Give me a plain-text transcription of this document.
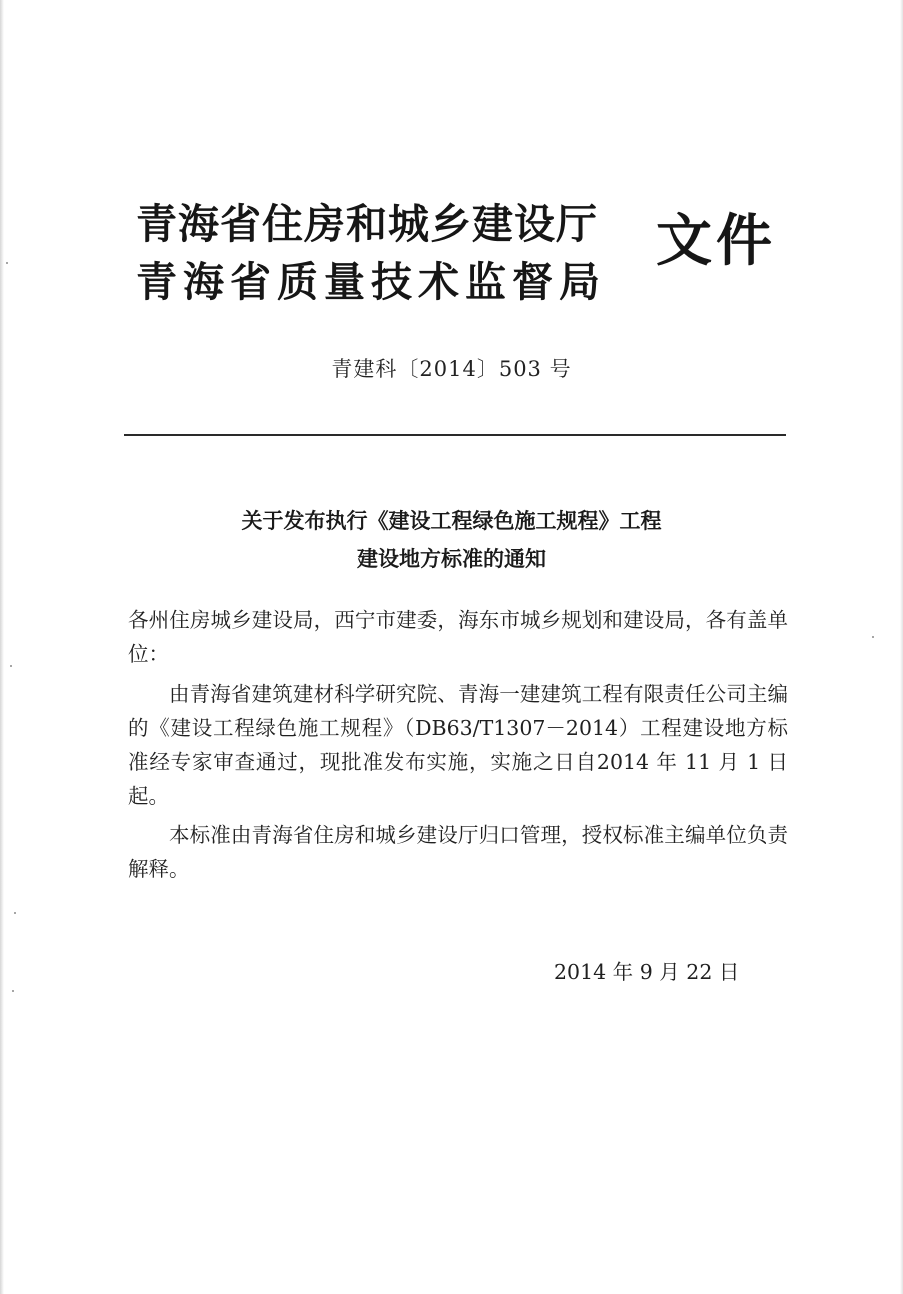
青海省住房和城乡建设厅
青海省质量技术监督局
文件
青建科〔2014〕503 号
关于发布执行《建设工程绿色施工规程》工程
建设地方标准的通知
各州住房城乡建设局，西宁市建委，海东市城乡规划和建设局，各有盖单位：
由青海省建筑建材科学研究院、青海一建建筑工程有限责任公司主编的《建设工程绿色施工规程》（DB63/T1307－2014）工程建设地方标准经专家审查通过，现批准发布实施，实施之日自2014 年 11 月 1 日起。
本标准由青海省住房和城乡建设厅归口管理，授权标准主编单位负责解释。
2014 年 9 月 22 日
